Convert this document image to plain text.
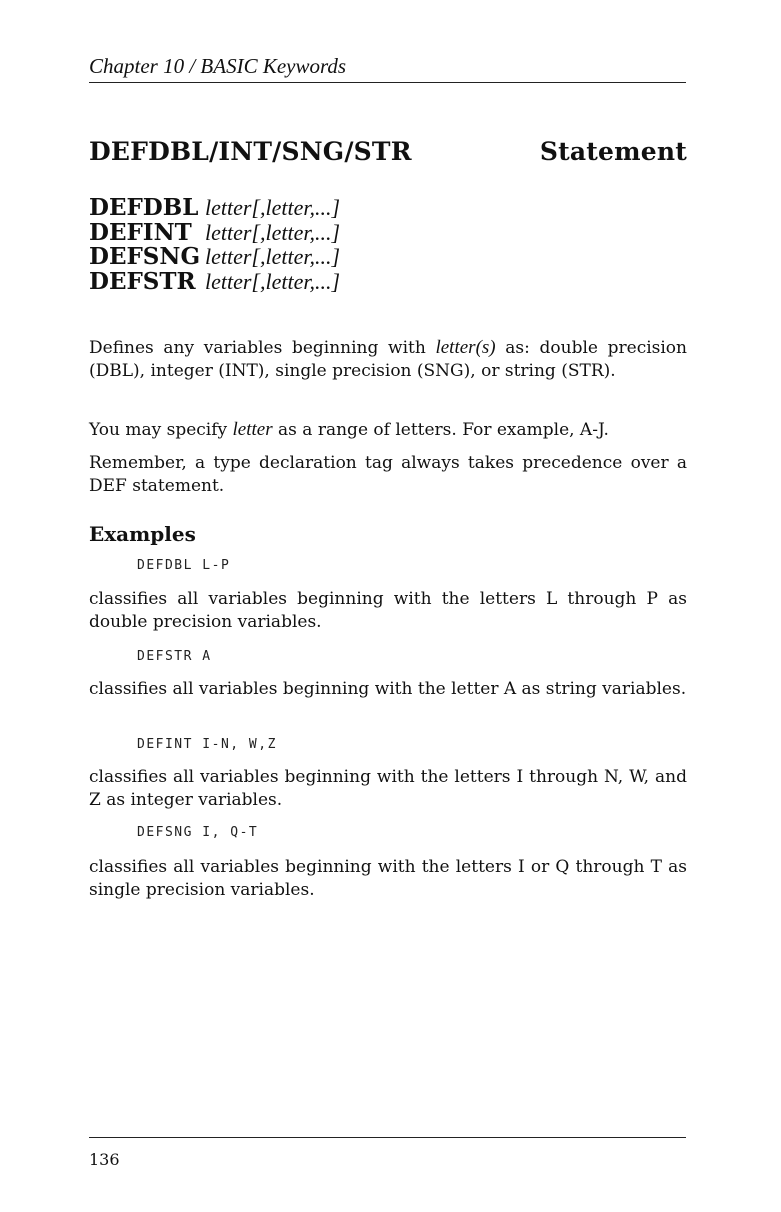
Chapter 10 / BASIC Keywords
DEFDBL/INT/SNG/STR	Statement
DEFDBL letter[,letter,...]
DEFINT letter[,letter,...]
DEFSNG letter[,letter,...]
DEFSTR letter[,letter,...]

Defines any variables beginning with letter(s) as: double precision (DBL), integer (INT), single precision (SNG), or string (STR).

You may specify letter as a range of letters. For example, A-J.

Remember, a type declaration tag always takes precedence over a DEF statement.

Examples
DEFDBL L-P
classifies all variables beginning with the letters L through P as double precision variables.
DEFSTR A
classifies all variables beginning with the letter A as string variables.
DEFINT I-N, W,Z
classifies all variables beginning with the letters I through N, W, and Z as integer variables.
DEFSNG I, Q-T
classifies all variables beginning with the letters I or Q through T as single precision variables.
136
